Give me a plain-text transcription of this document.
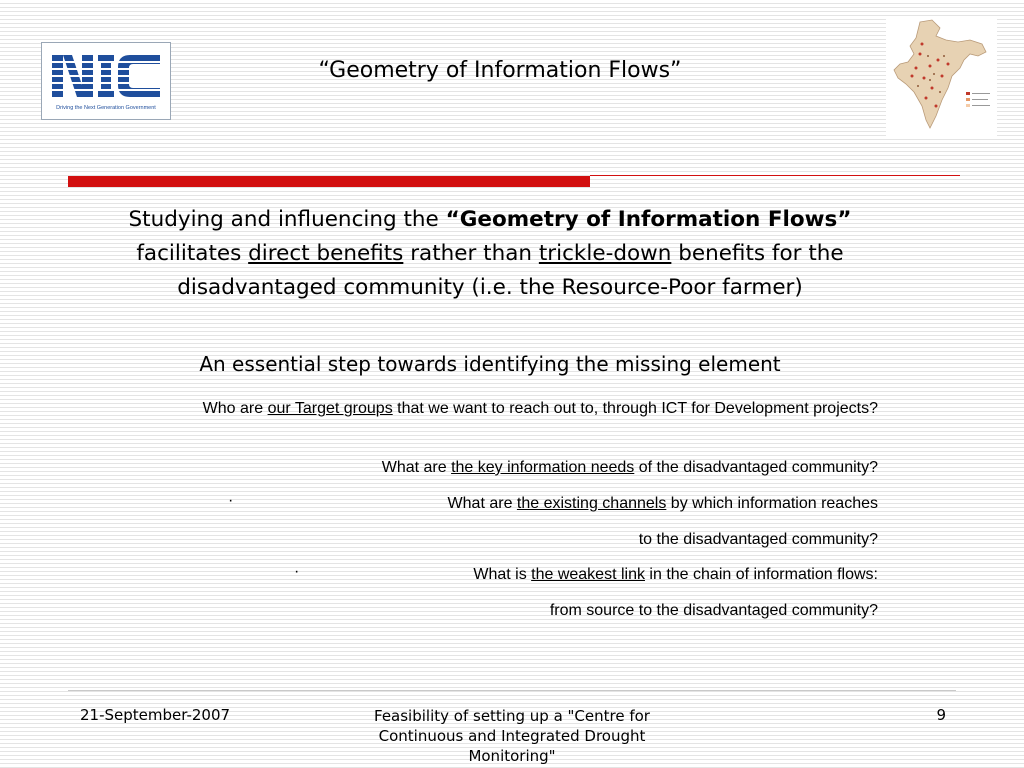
Driving the Next Generation Government
“Geometry of Information Flows”
Studying and influencing the “Geometry of Information Flows” facilitates direct benefits rather than trickle-down benefits for the disadvantaged community (i.e. the Resource-Poor farmer)
An essential step towards identifying the missing element
Who are our Target groups that we want to reach out to, through ICT for Development projects?
What are the key information needs of the disadvantaged community?
·	What are the existing channels by which information reaches
to the disadvantaged community?
·	What is the weakest link in the chain of information flows:
from source to the disadvantaged community?
21-September-2007	Feasibility of setting up a "Centre for Continuous and Integrated Drought Monitoring"
9
